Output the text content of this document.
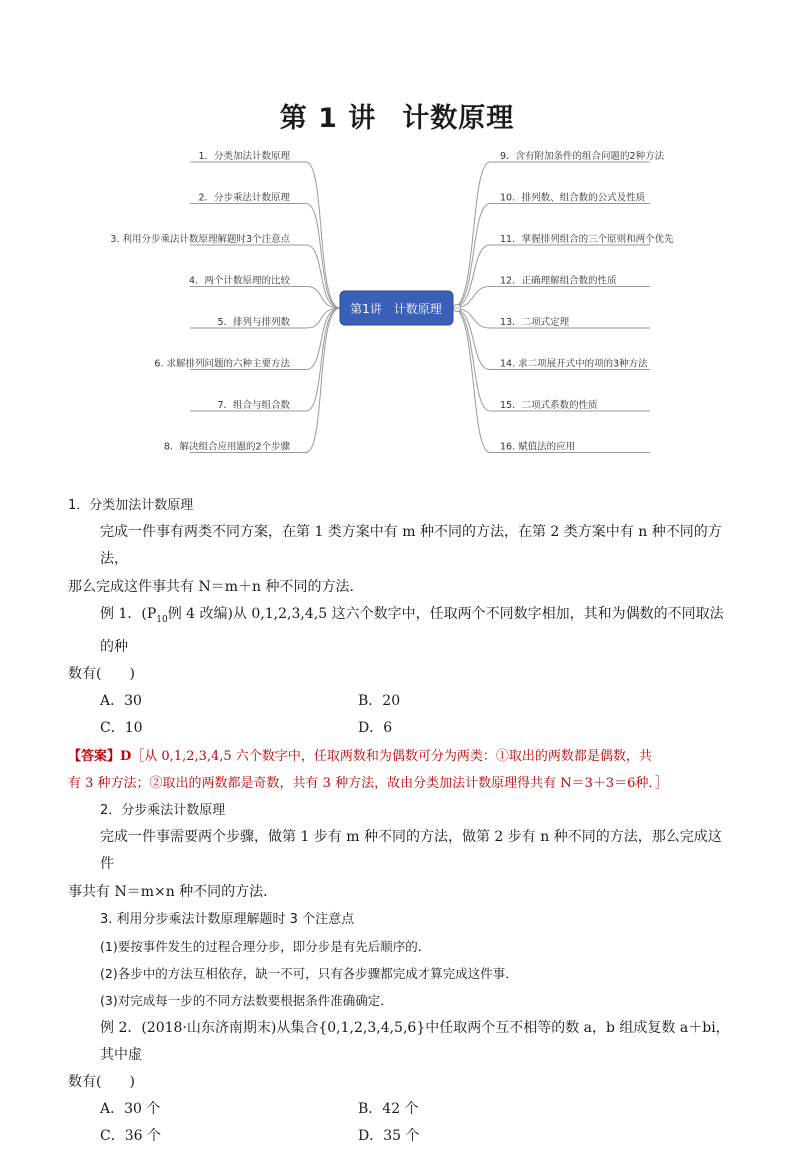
第 1 讲 计数原理
1．分类加法计数原理
2．分步乘法计数原理
3. 利用分步乘法计数原理解题时3个注意点
4．两个计数原理的比较
5．排列与排列数
6. 求解排列问题的六种主要方法
7．组合与组合数
8．解决组合应用题的2个步骤
9．含有附加条件的组合问题的2种方法
10．排列数、组合数的公式及性质
11．掌握排列组合的三个原则和两个优先
12．正确理解组合数的性质
13．二项式定理
14. 求二项展开式中的项的3种方法
15．二项式系数的性质
16. 赋值法的应用
第1讲　计数原理

1．分类加法计数原理

完成一件事有两类不同方案，在第 1 类方案中有 m 种不同的方法，在第 2 类方案中有 n 种不同的方法，

那么完成这件事共有 N＝m＋n 种不同的方法．

例 1．($P_{10}$例 4 改编)从 0,1,2,3,4,5 这六个数字中，任取两个不同数字相加，其和为偶数的不同取法的种

数有(　　)

A．30	B．20

C．10	D．6

【答案】D［从 0,1,2,3,4,5 六个数字中，任取两数和为偶数可分为两类：①取出的两数都是偶数，共

有 3 种方法；②取出的两数都是奇数，共有 3 种方法，故由分类加法计数原理得共有 N＝3＋3＝6种．］

2．分步乘法计数原理

完成一件事需要两个步骤，做第 1 步有 m 种不同的方法，做第 2 步有 n 种不同的方法，那么完成这件

事共有 N＝m×n 种不同的方法．

3. 利用分步乘法计数原理解题时 3 个注意点

(1)要按事件发生的过程合理分步，即分步是有先后顺序的．

(2)各步中的方法互相依存，缺一不可，只有各步骤都完成才算完成这件事．

(3)对完成每一步的不同方法数要根据条件准确确定．

例 2．(2018·山东济南期末)从集合{0,1,2,3,4,5,6}中任取两个互不相等的数 a，b 组成复数 a＋bi，其中虚

数有(　　)

A．30 个	B．42 个

C．36 个	D．35 个
